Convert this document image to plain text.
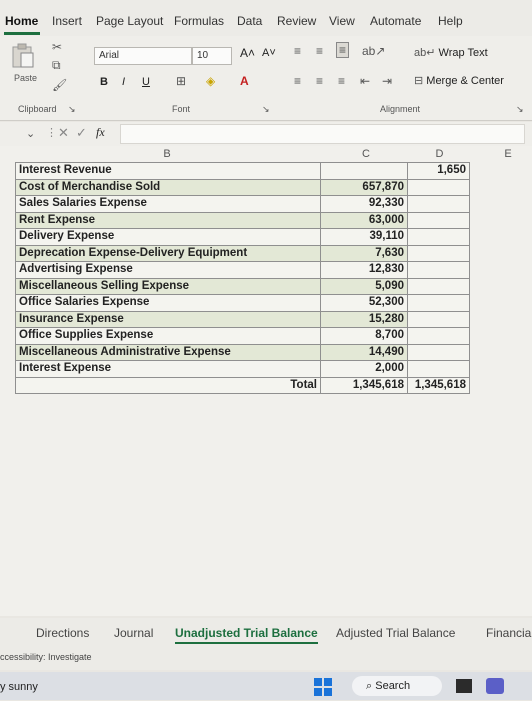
Home Insert Page Layout Formulas Data Review View Automate Help
Paste
✂
⧉
🖌
Clipboard ↘
Arial	10	A˄ A˅
B I U ⊞ ◈ A
Font	↘
≡ ≡ ≡ ab↗
≡ ≡ ≡ ⇤ ⇥
ab↵ Wrap Text
⊟ Merge & Center
Alignment	↘
⌄ ⋮ ✕ ✓ fx
B	C	D	E
Interest Revenue		1,650
Cost of Merchandise Sold	657,870	
Sales Salaries Expense	92,330	
Rent Expense	63,000	
Delivery Expense	39,110	
Deprecation Expense-Delivery Equipment	7,630	
Advertising Expense	12,830	
Miscellaneous Selling Expense	5,090	
Office Salaries Expense	52,300	
Insurance Expense	15,280	
Office Supplies Expense	8,700	
Miscellaneous Administrative Expense	14,490	
Interest Expense	2,000	
Total	1,345,618	1,345,618
Directions Journal Unadjusted Trial Balance Adjusted Trial Balance	Financia
ccessibility: Investigate
y sunny	⌕ Search
